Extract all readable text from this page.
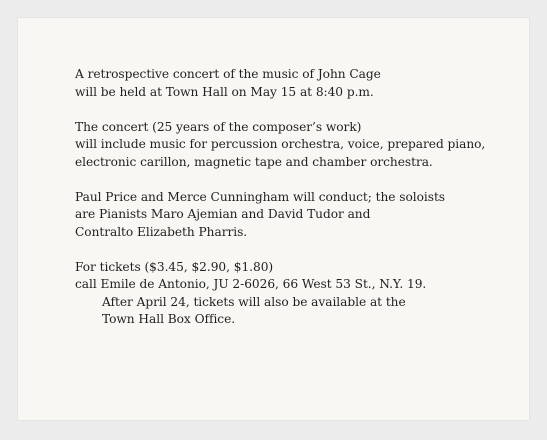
A retrospective concert of the music of John Cage
will be held at Town Hall on May 15 at 8:40 p.m.

The concert (25 years of the composer’s work)
will include music for percussion orchestra, voice, prepared piano,
electronic carillon, magnetic tape and chamber orchestra.

Paul Price and Merce Cunningham will conduct; the soloists
are Pianists Maro Ajemian and David Tudor and
Contralto Elizabeth Pharris.

For tickets ($3.45, $2.90, $1.80)
call Emile de Antonio, JU 2-6026, 66 West 53 St., N.Y. 19.
After April 24, tickets will also be available at the
Town Hall Box Office.
